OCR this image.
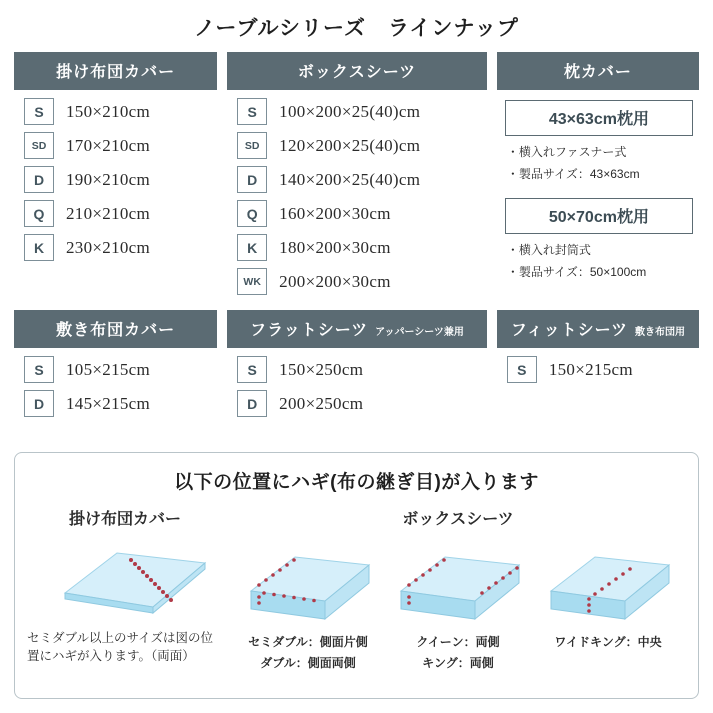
ノーブルシリーズ　ラインナップ
掛け布団カバー
S	150×210cm
SD	170×210cm
D	190×210cm
Q	210×210cm
K	230×210cm
ボックスシーツ
S	100×200×25(40)cm
SD	120×200×25(40)cm
D	140×200×25(40)cm
Q	160×200×30cm
K	180×200×30cm
WK	200×200×30cm
枕カバー
43×63cm枕用
・横入れファスナー式
・製品サイズ：43×63cm
50×70cm枕用
・横入れ封筒式
・製品サイズ：50×100cm
敷き布団カバー
S	105×215cm
D	145×215cm
フラットシーツ アッパーシーツ兼用
S	150×250cm
D	200×250cm
フィットシーツ 敷き布団用
S	150×215cm
以下の位置にハギ(布の継ぎ目)が入ります
掛け布団カバー
セミダブル以上のサイズは図の位置にハギが入ります。（両面）
ボックスシーツ
セミダブル：側面片側
ダブル：側面両側
クイーン：両側
キング：両側
ワイドキング：中央
